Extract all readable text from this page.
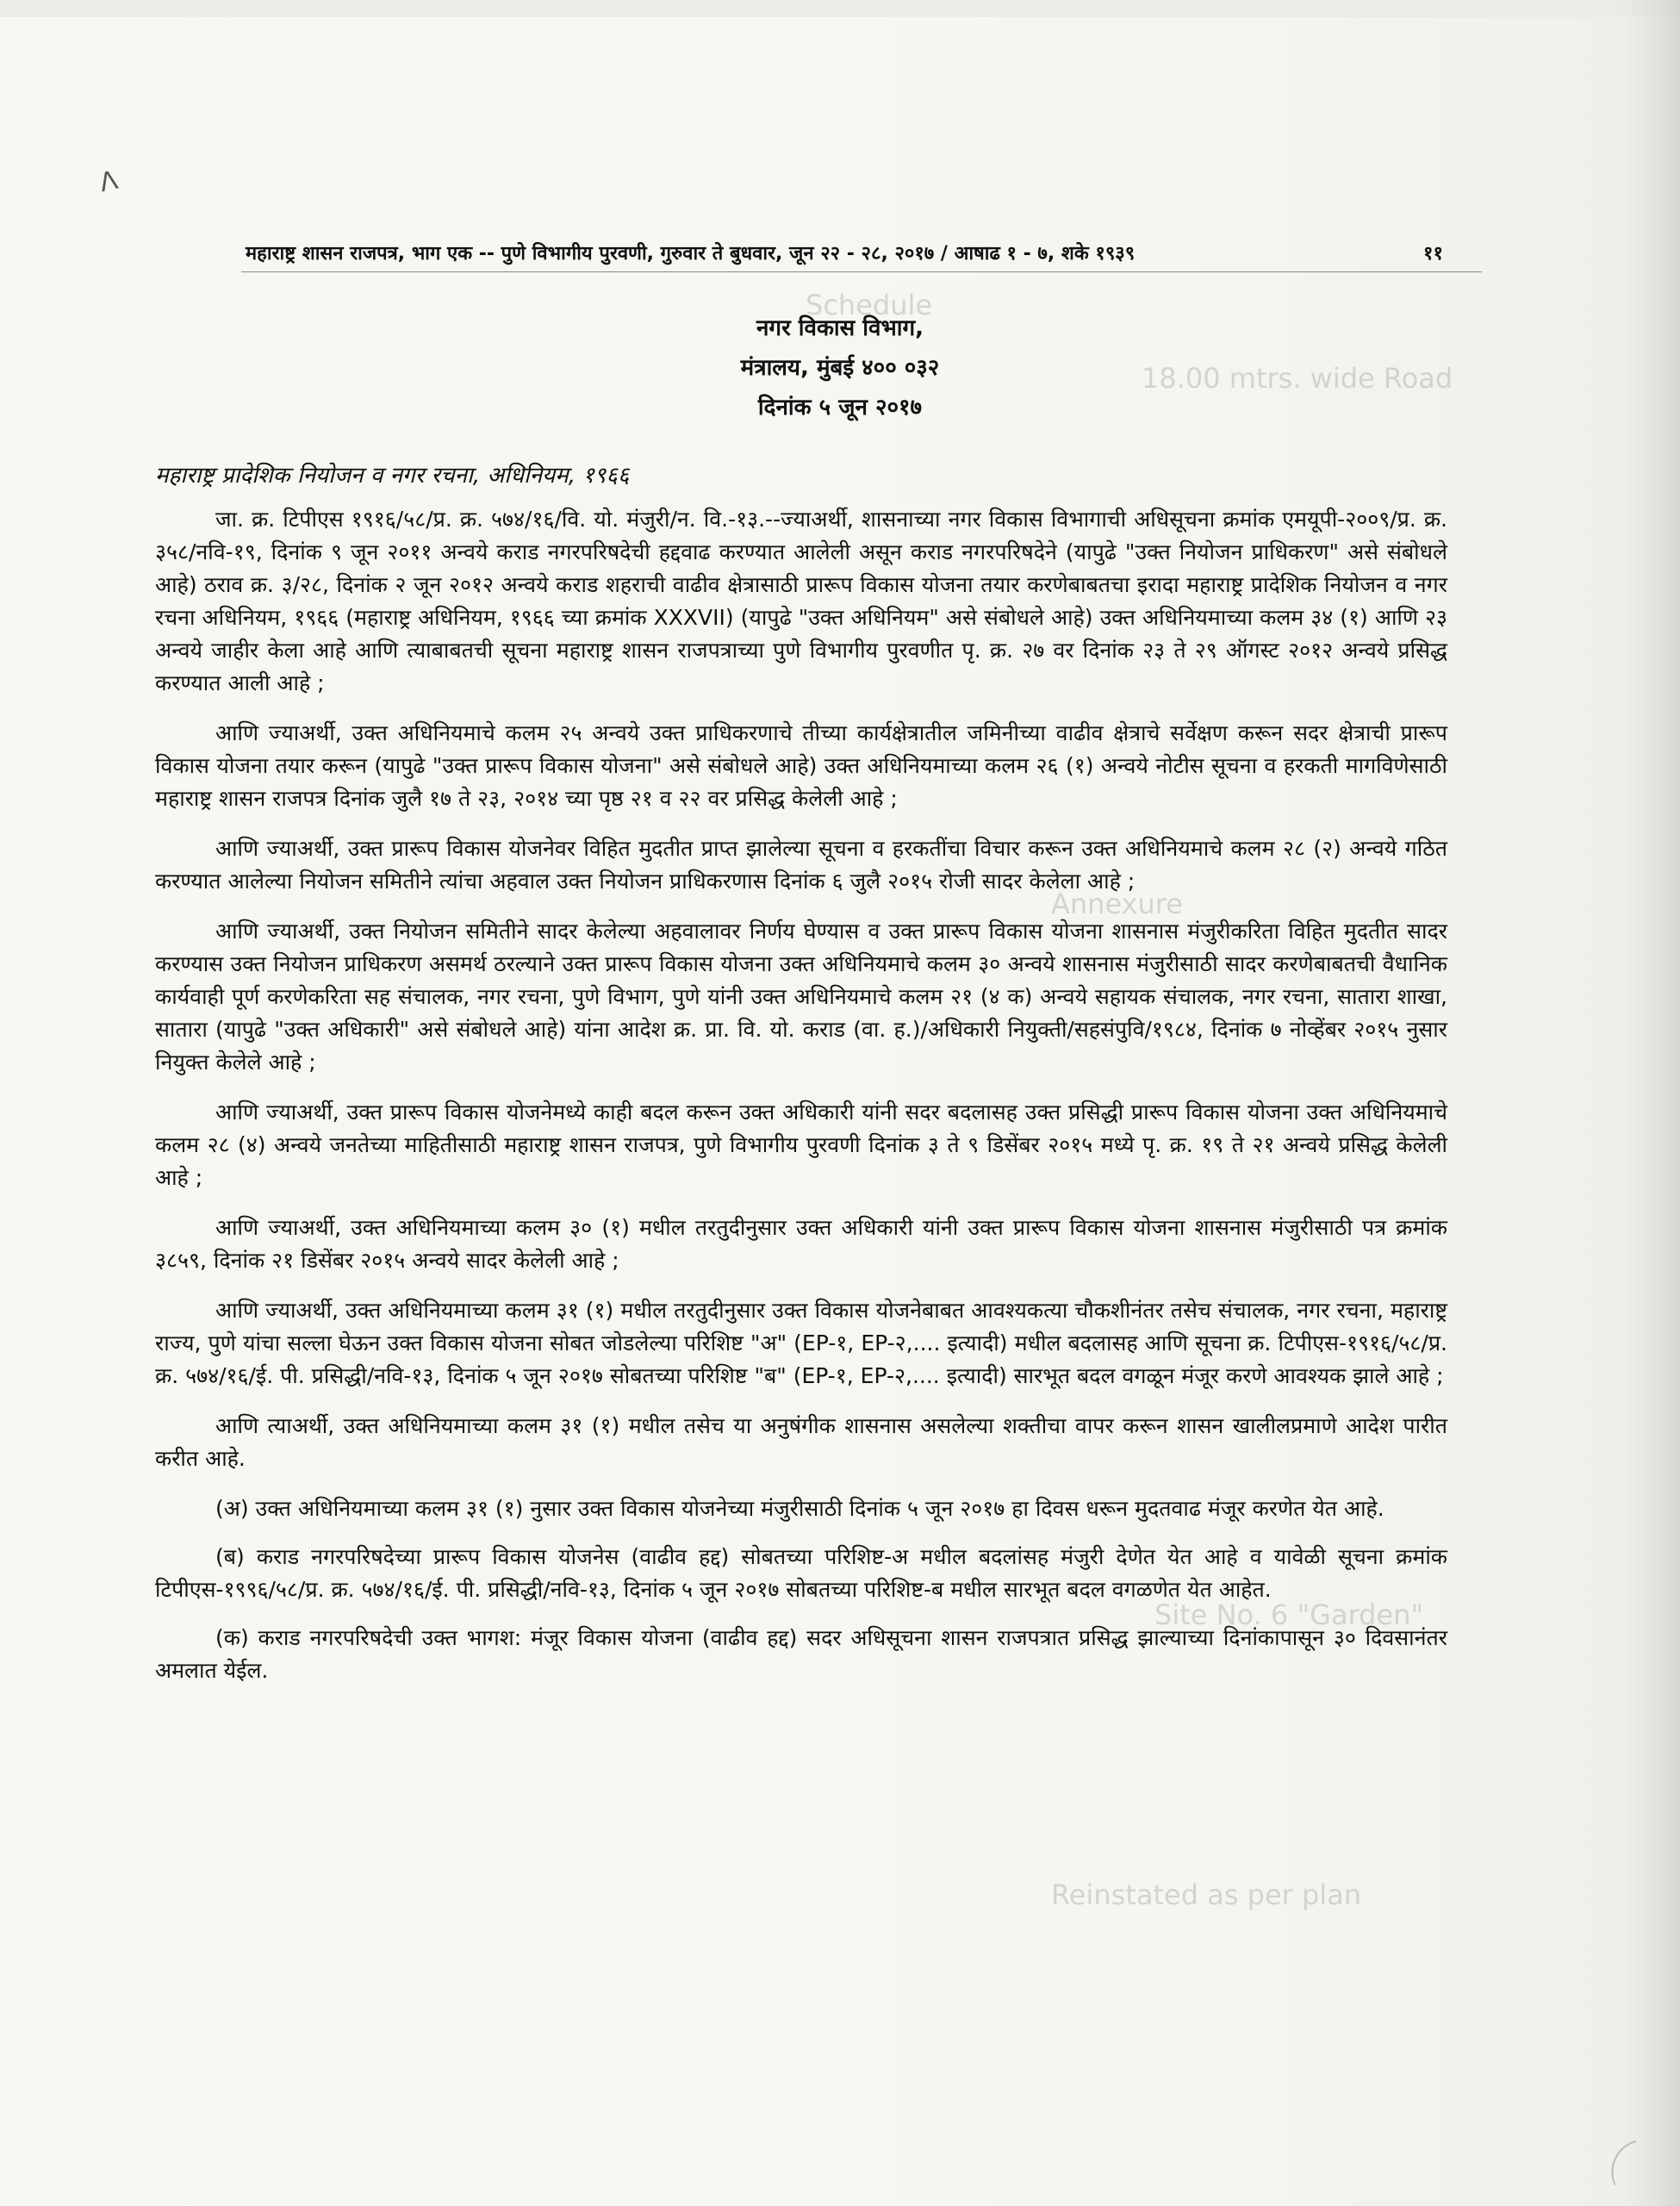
Schedule
18.00 mtrs. wide Road
Annexure
Site No. 6 "Garden"
Reinstated as per plan
ᐱ
महाराष्ट्र शासन राजपत्र, भाग एक -- पुणे विभागीय पुरवणी, गुरुवार ते बुधवार, जून २२ - २८, २०१७ / आषाढ १ - ७, शके १९३९	११
नगर विकास विभाग,
मंत्रालय, मुंबई ४०० ०३२
दिनांक ५ जून २०१७
महाराष्ट्र प्रादेशिक नियोजन व नगर रचना, अधिनियम, १९६६

जा. क्र. टिपीएस १९१६/५८/प्र. क्र. ५७४/१६/वि. यो. मंजुरी/न. वि.-१३.--ज्याअर्थी, शासनाच्या नगर विकास विभागाची अधिसूचना क्रमांक एमयूपी-२००९/प्र. क्र. ३५८/नवि-१९, दिनांक ९ जून २०११ अन्वये कराड नगरपरिषदेची हद्दवाढ करण्यात आलेली असून कराड नगरपरिषदेने (यापुढे "उक्त नियोजन प्राधिकरण" असे संबोधले आहे) ठराव क्र. ३/२८, दिनांक २ जून २०१२ अन्वये कराड शहराची वाढीव क्षेत्रासाठी प्रारूप विकास योजना तयार करणेबाबतचा इरादा महाराष्ट्र प्रादेशिक नियोजन व नगर रचना अधिनियम, १९६६ (महाराष्ट्र अधिनियम, १९६६ च्या क्रमांक XXXVII) (यापुढे "उक्त अधिनियम" असे संबोधले आहे) उक्त अधिनियमाच्या कलम ३४ (१) आणि २३ अन्वये जाहीर केला आहे आणि त्याबाबतची सूचना महाराष्ट्र शासन राजपत्राच्या पुणे विभागीय पुरवणीत पृ. क्र. २७ वर दिनांक २३ ते २९ ऑगस्ट २०१२ अन्वये प्रसिद्ध करण्यात आली आहे ;

आणि ज्याअर्थी, उक्त अधिनियमाचे कलम २५ अन्वये उक्त प्राधिकरणाचे तीच्या कार्यक्षेत्रातील जमिनीच्या वाढीव क्षेत्राचे सर्वेक्षण करून सदर क्षेत्राची प्रारूप विकास योजना तयार करून (यापुढे "उक्त प्रारूप विकास योजना" असे संबोधले आहे) उक्त अधिनियमाच्या कलम २६ (१) अन्वये नोटीस सूचना व हरकती मागविणेसाठी महाराष्ट्र शासन राजपत्र दिनांक जुलै १७ ते २३, २०१४ च्या पृष्ठ २१ व २२ वर प्रसिद्ध केलेली आहे ;

आणि ज्याअर्थी, उक्त प्रारूप विकास योजनेवर विहित मुदतीत प्राप्त झालेल्या सूचना व हरकतींचा विचार करून उक्त अधिनियमाचे कलम २८ (२) अन्वये गठित करण्यात आलेल्या नियोजन समितीने त्यांचा अहवाल उक्त नियोजन प्राधिकरणास दिनांक ६ जुलै २०१५ रोजी सादर केलेला आहे ;

आणि ज्याअर्थी, उक्त नियोजन समितीने सादर केलेल्या अहवालावर निर्णय घेण्यास व उक्त प्रारूप विकास योजना शासनास मंजुरीकरिता विहित मुदतीत सादर करण्यास उक्त नियोजन प्राधिकरण असमर्थ ठरल्याने उक्त प्रारूप विकास योजना उक्त अधिनियमाचे कलम ३० अन्वये शासनास मंजुरीसाठी सादर करणेबाबतची वैधानिक कार्यवाही पूर्ण करणेकरिता सह संचालक, नगर रचना, पुणे विभाग, पुणे यांनी उक्त अधिनियमाचे कलम २१ (४ क) अन्वये सहायक संचालक, नगर रचना, सातारा शाखा, सातारा (यापुढे "उक्त अधिकारी" असे संबोधले आहे) यांना आदेश क्र. प्रा. वि. यो. कराड (वा. ह.)/अधिकारी नियुक्ती/सहसंपुवि/१९८४, दिनांक ७ नोव्हेंबर २०१५ नुसार नियुक्त केलेले आहे ;

आणि ज्याअर्थी, उक्त प्रारूप विकास योजनेमध्ये काही बदल करून उक्त अधिकारी यांनी सदर बदलासह उक्त प्रसिद्धी प्रारूप विकास योजना उक्त अधिनियमाचे कलम २८ (४) अन्वये जनतेच्या माहितीसाठी महाराष्ट्र शासन राजपत्र, पुणे विभागीय पुरवणी दिनांक ३ ते ९ डिसेंबर २०१५ मध्ये पृ. क्र. १९ ते २१ अन्वये प्रसिद्ध केलेली आहे ;

आणि ज्याअर्थी, उक्त अधिनियमाच्या कलम ३० (१) मधील तरतुदीनुसार उक्त अधिकारी यांनी उक्त प्रारूप विकास योजना शासनास मंजुरीसाठी पत्र क्रमांक ३८५९, दिनांक २१ डिसेंबर २०१५ अन्वये सादर केलेली आहे ;

आणि ज्याअर्थी, उक्त अधिनियमाच्या कलम ३१ (१) मधील तरतुदीनुसार उक्त विकास योजनेबाबत आवश्यकत्या चौकशीनंतर तसेच संचालक, नगर रचना, महाराष्ट्र राज्य, पुणे यांचा सल्ला घेऊन उक्त विकास योजना सोबत जोडलेल्या परिशिष्ट "अ" (EP-१, EP-२,.... इत्यादी) मधील बदलासह आणि सूचना क्र. टिपीएस-१९१६/५८/प्र. क्र. ५७४/१६/ई. पी. प्रसिद्धी/नवि-१३, दिनांक ५ जून २०१७ सोबतच्या परिशिष्ट "ब" (EP-१, EP-२,.... इत्यादी) सारभूत बदल वगळून मंजूर करणे आवश्यक झाले आहे ;

आणि त्याअर्थी, उक्त अधिनियमाच्या कलम ३१ (१) मधील तसेच या अनुषंगीक शासनास असलेल्या शक्तीचा वापर करून शासन खालीलप्रमाणे आदेश पारीत करीत आहे.

(अ) उक्त अधिनियमाच्या कलम ३१ (१) नुसार उक्त विकास योजनेच्या मंजुरीसाठी दिनांक ५ जून २०१७ हा दिवस धरून मुदतवाढ मंजूर करणेत येत आहे.

(ब) कराड नगरपरिषदेच्या प्रारूप विकास योजनेस (वाढीव हद्द) सोबतच्या परिशिष्ट-अ मधील बदलांसह मंजुरी देणेत येत आहे व यावेळी सूचना क्रमांक टिपीएस-१९९६/५८/प्र. क्र. ५७४/१६/ई. पी. प्रसिद्धी/नवि-१३, दिनांक ५ जून २०१७ सोबतच्या परिशिष्ट-ब मधील सारभूत बदल वगळणेत येत आहेत.

(क) कराड नगरपरिषदेची उक्त भागश: मंजूर विकास योजना (वाढीव हद्द) सदर अधिसूचना शासन राजपत्रात प्रसिद्ध झाल्याच्या दिनांकापासून ३० दिवसानंतर अमलात येईल.
